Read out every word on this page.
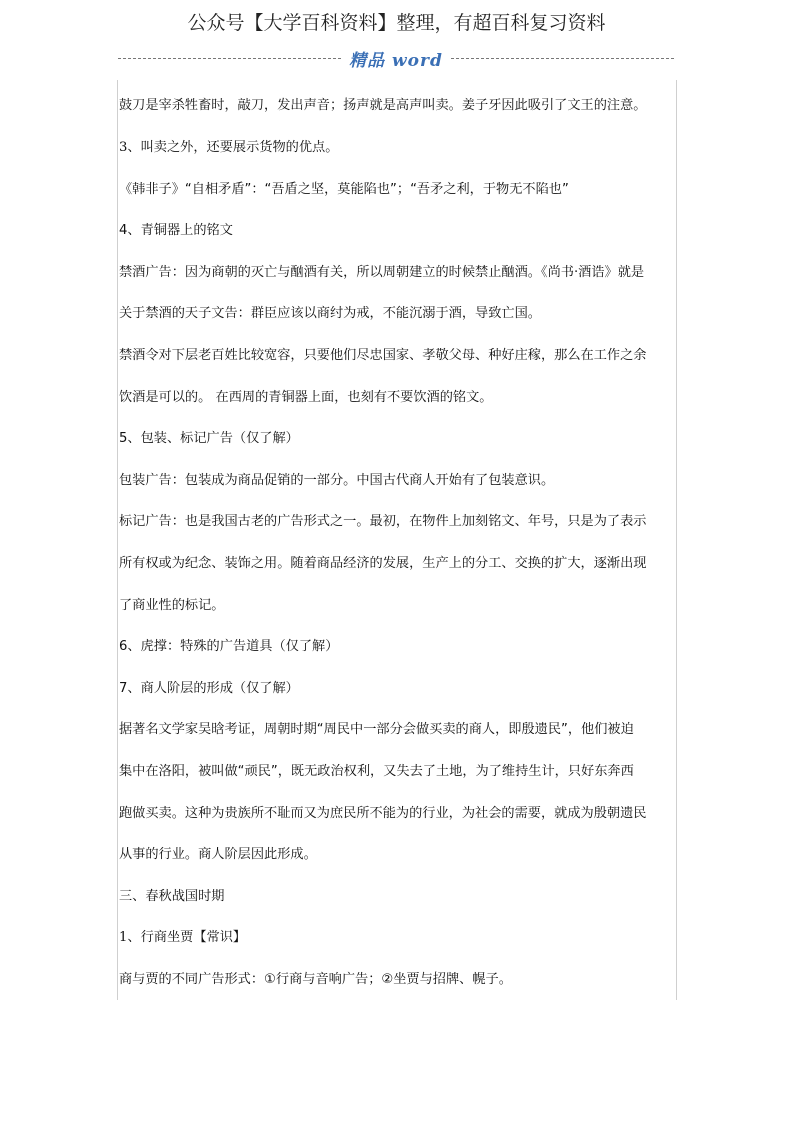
公众号【大学百科资料】整理，有超百科复习资料
精品 word
鼓刀是宰杀牲畜时，敲刀，发出声音；扬声就是高声叫卖。姜子牙因此吸引了文王的注意。
3、叫卖之外，还要展示货物的优点。
《韩非子》“自相矛盾”：“吾盾之坚，莫能陷也”；“吾矛之利，于物无不陷也”
4、青铜器上的铭文
禁酒广告：因为商朝的灭亡与酗酒有关，所以周朝建立的时候禁止酗酒。《尚书·酒诰》就是
关于禁酒的天子文告：群臣应该以商纣为戒，不能沉溺于酒，导致亡国。
禁酒令对下层老百姓比较宽容，只要他们尽忠国家、孝敬父母、种好庄稼，那么在工作之余
饮酒是可以的。 在西周的青铜器上面，也刻有不要饮酒的铭文。
5、包装、标记广告（仅了解）
包装广告：包装成为商品促销的一部分。中国古代商人开始有了包装意识。
标记广告：也是我国古老的广告形式之一。最初，在物件上加刻铭文、年号，只是为了表示
所有权或为纪念、装饰之用。随着商品经济的发展，生产上的分工、交换的扩大，逐渐出现
了商业性的标记。
6、虎撑：特殊的广告道具（仅了解）
7、商人阶层的形成（仅了解）
据著名文学家吴晗考证，周朝时期“周民中一部分会做买卖的商人，即殷遗民”，他们被迫
集中在洛阳，被叫做“顽民”，既无政治权利，又失去了土地，为了维持生计，只好东奔西
跑做买卖。这种为贵族所不耻而又为庶民所不能为的行业，为社会的需要，就成为殷朝遗民
从事的行业。商人阶层因此形成。
三、春秋战国时期
1、行商坐贾【常识】
商与贾的不同广告形式：①行商与音响广告；②坐贾与招牌、幌子。
